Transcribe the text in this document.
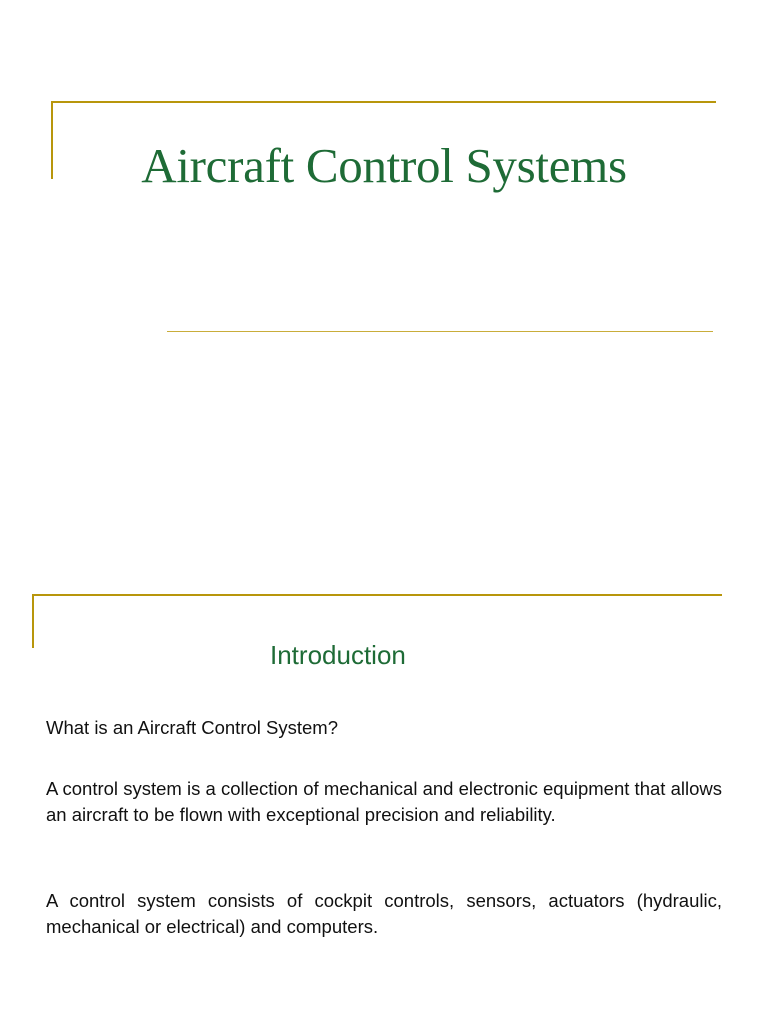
Aircraft Control Systems
Introduction

What is an Aircraft Control System?

A control system is a collection of mechanical and electronic equipment that allows an aircraft to be flown with exceptional precision and reliability.

A control system consists of cockpit controls, sensors, actuators (hydraulic, mechanical or electrical) and computers.
